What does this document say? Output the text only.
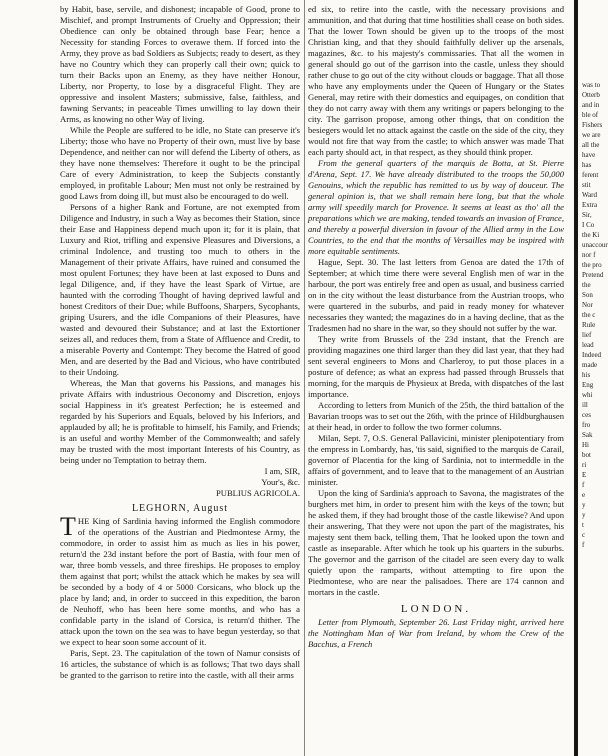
by Habit, base, servile, and dishonest; incapable of Good, prone to Mischief, and prompt Instruments of Cruelty and Oppression; their Obedience can only be obtained through base Fear; hence a Necessity for standing Forces to overawe them. If forced into the Army, they prove as bad Soldiers as Subjects; ready to desert, as they have no Country which they can properly call their own; quick to turn their Backs upon an Enemy, as they have neither Honour, Liberty, nor Property, to lose by a disgraceful Flight. They are oppressive and insolent Masters; submissive, false, faithless, and fawning Servants; in peaceable Times unwilling to lay down their Arms, as knowing no other Way of living.

While the People are suffered to be idle, no State can preserve it's Liberty; those who have no Property of their own, must live by base Dependence, and neither can nor will defend the Liberty of others, as they have none themselves: Therefore it ought to be the principal Care of every Administration, to keep the Subjects constantly employed, in profitable Labour; Men must not only be restrained by good Laws from doing ill, but must also be encouraged to do well.

Persons of a higher Rank and Fortune, are not exempted from Diligence and Industry, in such a Way as becomes their Station, since their Ease and Happiness depend much upon it; for it is plain, that Luxury and Riot, trifling and expensive Pleasures and Diversions, a criminal Indolence, and trusting too much to others in the Management of their private Affairs, have ruined and consumed the most opulent Fortunes; they have been at last exposed to Duns and legal Diligence, and, if they have the least Spark of Virtue, are haunted with the corroding Thought of having deprived lawful and honest Creditors of their Due; while Buffoons, Sharpers, Sycophants, griping Usurers, and the idle Companions of their Pleasures, have wasted and devoured their Substance; and at last the Extortioner seizes all, and reduces them, from a State of Affluence and Credit, to a miserable Poverty and Contempt: They become the Hatred of good Men, and are deserted by the Bad and Vicious, who have contributed to their Undoing.

Whereas, the Man that governs his Passions, and manages his private Affairs with industrious Oeconomy and Discretion, enjoys social Happiness in it's greatest Perfection; he is esteemed and regarded by his Superiors and Equals, beloved by his Inferiors, and applauded by all; he is profitable to himself, his Family, and Friends; is an useful and worthy Member of the Commonwealth; and safely may be trusted with the most important Interests of his Country, as being under no Temptation to betray them.

I am, SIR,

Your's, &c.

PUBLIUS AGRICOLA.

LEGHORN, August

THE King of Sardinia having informed the English commodore of the operations of the Austrian and Piedmontese Army, the commodore, in order to assist him as much as lies in his power, return'd the 23d instant before the port of Bastia, with four men of war, three bomb vessels, and three fireships. He proposes to employ them against that port; whilst the attack which he makes by sea will be seconded by a body of 4 or 5000 Corsicans, who block up the place by land; and, in order to succeed in this expedition, the baron de Neuhoff, who has been here some months, and who has a confidable party in the island of Corsica, is return'd thither. The attack upon the town on the sea was to have begun yesterday, so that we expect to hear soon some account of it.

Paris, Sept. 23. The capitulation of the town of Namur consists of 16 articles, the substance of which is as follows; That two days shall be granted to the garrison to retire into the castle, with all their arms

ed six, to retire into the castle, with the necessary provisions and ammunition, and that during that time hostilities shall cease on both sides. That the lower Town should be given up to the troops of the most Christian king, and that they should faithfully deliver up the arsenals, magazines, &c. to his majesty's commissaries. That all the women in general should go out of the garrison into the castle, unless they should rather chuse to go out of the city without clouds or baggage. That all those who have any employments under the Queen of Hungary or the States General, may retire with their domestics and equipages, on condition that they do not carry away with them any writings or papers belonging to the city. The garrison propose, among other things, that on condition the besiegers would let no attack against the castle on the side of the city, they would not fire that way from the castle; to which answer was made That each party should act, in that respect, as they should think proper.

From the general quarters of the marquis de Botta, at St. Pierre d'Arena, Sept. 17. We have already distributed to the troops the 50,000 Genouins, which the republic has remitted to us by way of douceur. The general opinion is, that we shall remain here long, but that the whole army will speedily march for Provence. It seems at least as tho' all the preparations which we are making, tended towards an invasion of France, and thereby a powerful diversion in favour of the Allied army in the Low Countries, to the end that the months of Versailles may be inspired with more equitable sentiments.

Hague, Sept. 30. The last letters from Genoa are dated the 17th of September; at which time there were several English men of war in the harbour, the port was entirely free and open as usual, and business carried on in the city without the least disturbance from the Austrian troops, who were quartered in the suburbs, and paid in ready money for whatever necessaries they wanted; the magazines do in a having decline, that as the Tradesmen had no share in the war, so they should not suffer by the war.

They write from Brussels of the 23d instant, that the French are providing magazines one third larger than they did last year, that they had sent several engineers to Mons and Charleroy, to put those places in a posture of defence; as what an express had passed through Brussels that morning, for the marquis de Physieux at Breda, with dispatches of the last importance.

According to letters from Munich of the 25th, the third battalion of the Bavarian troops was to set out the 26th, with the prince of Hildburghausen at their head, in order to follow the two former columns.

Milan, Sept. 7, O.S. General Pallavicini, minister plenipotentiary from the empress in Lombardy, has, 'tis said, signified to the marquis de Carail, governor of Placentia for the king of Sardinia, not to intermeddle in the affairs of government, and to leave that to the management of an Austrian minister.

Upon the king of Sardinia's approach to Savona, the magistrates of the burghers met him, in order to present him with the keys of the town; but he asked them, if they had brought those of the castle likewise? And upon their answering, That they were not upon the part of the magistrates, his majesty sent them back, telling them, That he looked upon the town and castle as inseparable. After which he took up his quarters in the suburbs. The governor and the garrison of the citadel are seen every day to walk quietly upon the ramparts, without attempting to fire upon the Piedmontese, who are near the palisadoes. There are 174 cannon and mortars in the castle.

LONDON.

Letter from Plymouth, September 26. Last Friday night, arrived here the Nottingham Man of War from Ireland, by whom the Crew of the Bacchus, a French

was to
Otterb
and in
ble of
Fishers
we are
all the
have
has
ferent
stit
Ward
Extra
Sir,
I Co
the Ki
unaccour
nor f
the pro
Pretend
the
Son
Nor
the c
Rule
lief
lead
Indeed
made
his
Eng
whi
ill
ces
fro
Sak
Hi
bot
ri
E
f
e
y
y
t
c
f
